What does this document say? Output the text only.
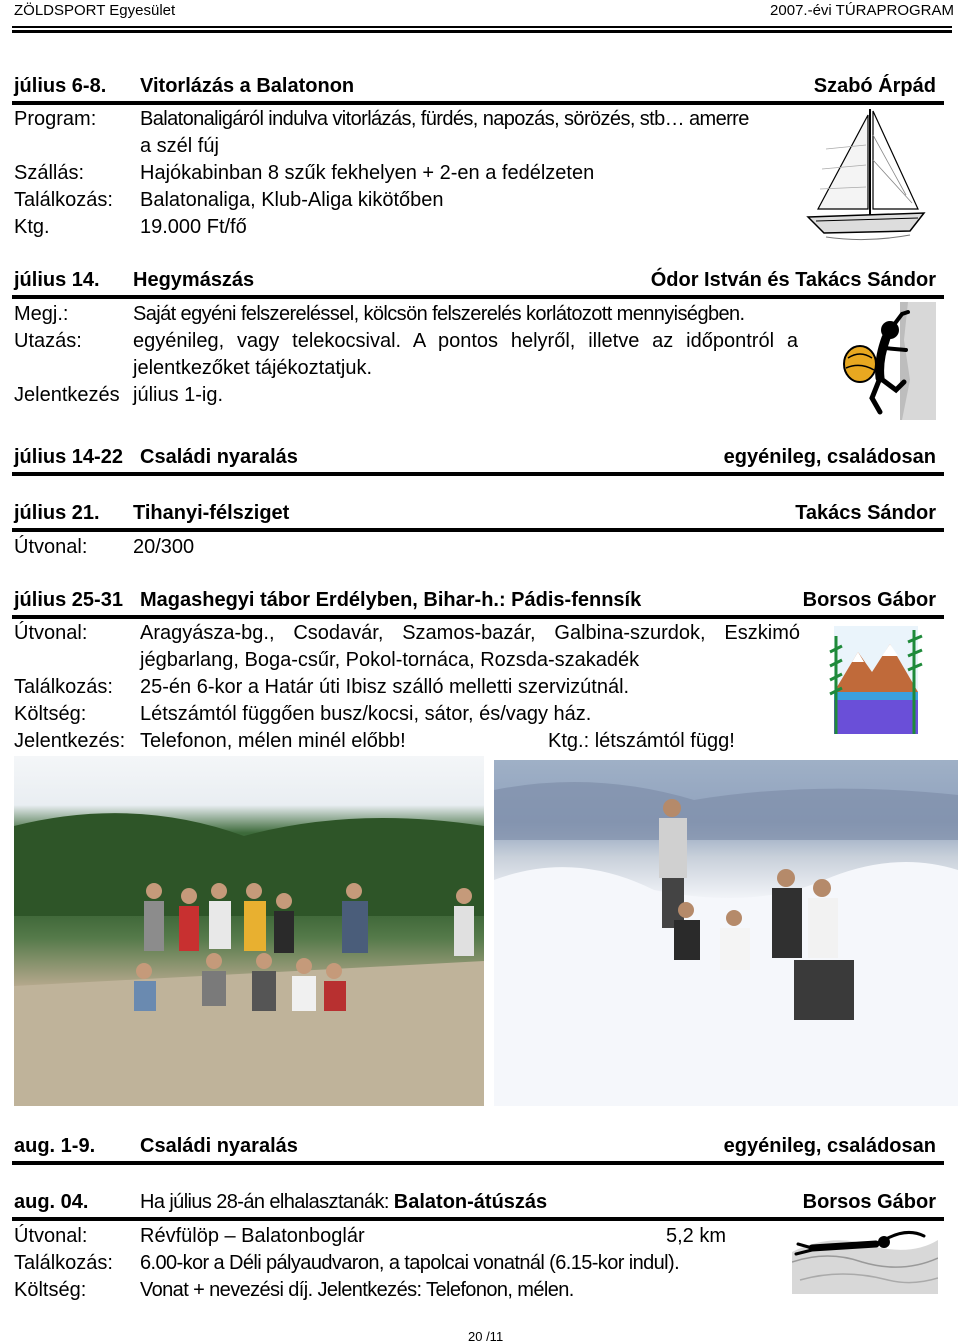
ZÖLDSPORT Egyesület	2007.-évi TÚRAPROGRAM
július 6-8. Vitorlázás a Balatonon	Szabó Árpád
Program: Balatonaligáról indulva vitorlázás, fürdés, napozás, sörözés, stb… amerre
a szél fúj
Szállás:	Hajókabinban 8 szűk fekhelyen + 2-en a fedélzeten
Találkozás: Balatonaliga, Klub-Aliga kikötőben
Ktg.	19.000 Ft/fő
július 14. Hegymászás	Ódor István és Takács Sándor
Megj.:	Saját egyéni felszereléssel, kölcsön felszerelés korlátozott mennyiségben.
Utazás:	egyénileg, vagy telekocsival. A pontos helyről, illetve az időpontról a
jelentkezőket tájékoztatjuk.
Jelentkezés július 1-ig.
július 14-22 Családi nyaralás	egyénileg, családosan
július 21. Tihanyi-félsziget	Takács Sándor
Útvonal: 20/300
július 25-31 Magashegyi tábor Erdélyben, Bihar-h.: Pádis-fennsík	Borsos Gábor
Útvonal:	Aragyásza-bg., Csodavár, Szamos-bazár, Galbina-szurdok, Eszkimó
jégbarlang, Boga-csűr, Pokol-tornáca, Rozsda-szakadék
Találkozás: 25-én 6-kor a Határ úti Ibisz szálló melletti szervizútnál.
Költség:	Létszámtól függően busz/kocsi, sátor, és/vagy ház.
Jelentkezés: Telefonon, mélen minél előbb!	Ktg.: létszámtól függ!
aug. 1-9. Családi nyaralás	egyénileg, családosan
aug. 04.	Ha július 28-án elhalasztanák: Balaton-átúszás	Borsos Gábor
Útvonal:	Révfülöp – Balatonboglár	5,2 km
Találkozás: 6.00-kor a Déli pályaudvaron, a tapolcai vonatnál (6.15-kor indul).
Költség:	Vonat + nevezési díj. Jelentkezés: Telefonon, mélen.
20 /11
